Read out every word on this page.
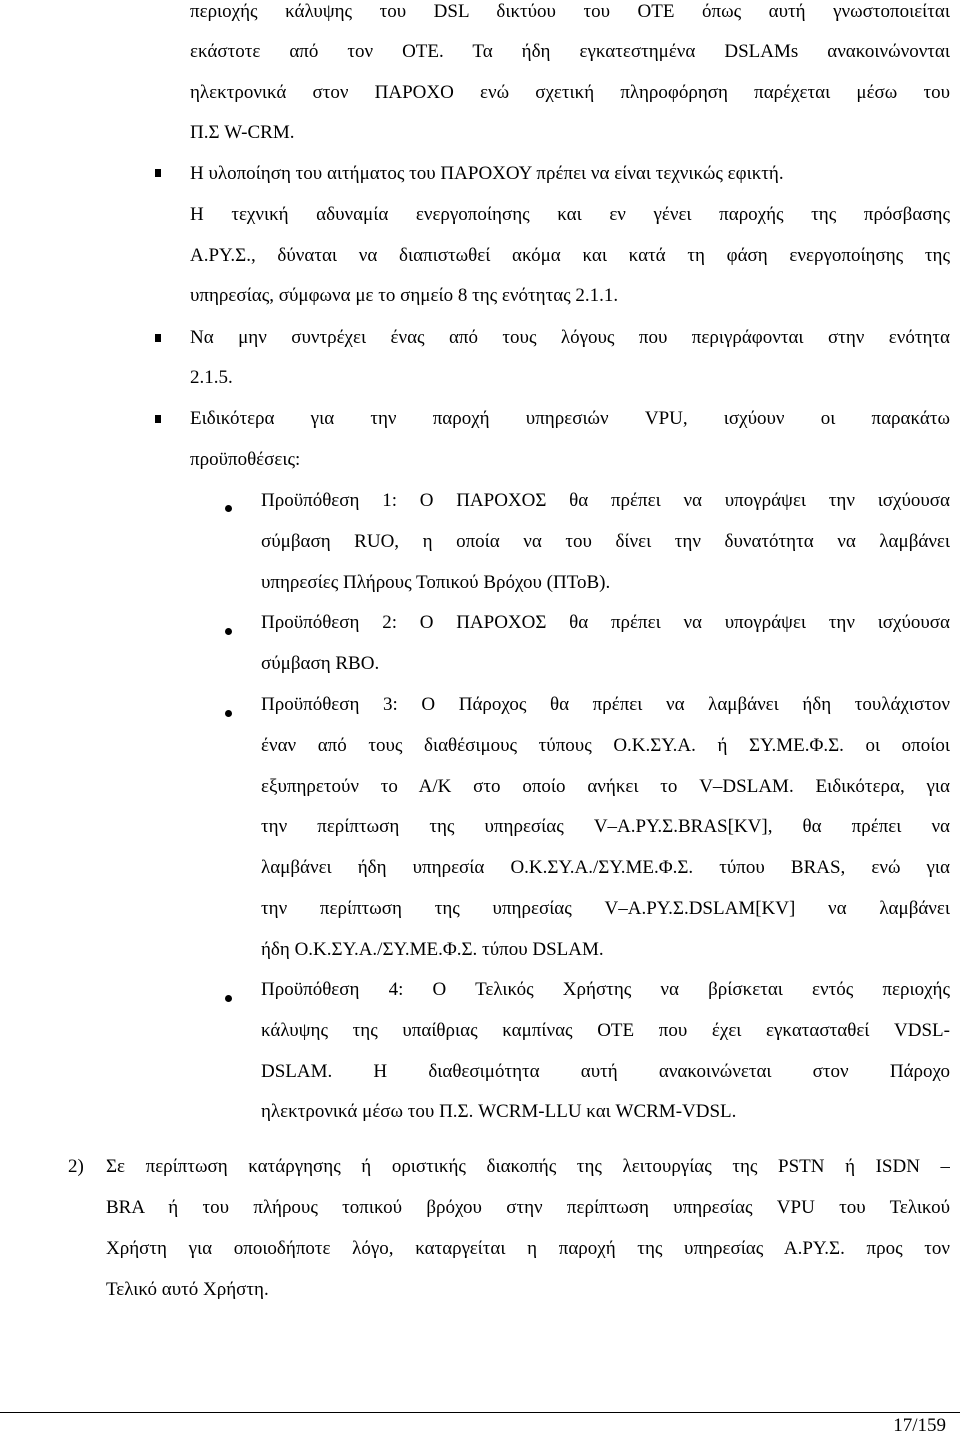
περιοχής κάλυψης του DSL δικτύου του ΟΤΕ όπως αυτή γνωστοποιείται
εκάστοτε από τον ΟΤΕ. Τα ήδη εγκατεστημένα DSLAMs ανακοινώνονται
ηλεκτρονικά στον ΠΑΡΟΧΟ ενώ σχετική πληροφόρηση παρέχεται μέσω του
Π.Σ W-CRM.
Η υλοποίηση του αιτήματος του ΠΑΡΟΧΟΥ πρέπει να είναι τεχνικώς εφικτή.
Η τεχνική αδυναμία ενεργοποίησης και εν γένει παροχής της πρόσβασης
Α.ΡΥ.Σ., δύναται να διαπιστωθεί ακόμα και κατά τη φάση ενεργοποίησης της
υπηρεσίας, σύμφωνα με το σημείο 8 της ενότητας 2.1.1.
Να μην συντρέχει ένας από τους λόγους που περιγράφονται στην ενότητα
2.1.5.
Ειδικότερα για την παροχή υπηρεσιών VPU, ισχύουν οι παρακάτω
προϋποθέσεις:
Προϋπόθεση 1: Ο ΠΑΡΟΧΟΣ θα πρέπει να υπογράψει την ισχύουσα
σύμβαση RUO, η οποία να του δίνει την δυνατότητα να λαμβάνει
υπηρεσίες Πλήρους Τοπικού Βρόχου (ΠΤοΒ).
Προϋπόθεση 2: Ο ΠΑΡΟΧΟΣ θα πρέπει να υπογράψει την ισχύουσα
σύμβαση RBO.
Προϋπόθεση 3: Ο Πάροχος θα πρέπει να λαμβάνει ήδη τουλάχιστον
έναν από τους διαθέσιμους τύπους Ο.Κ.ΣΥ.Α. ή ΣΥ.ΜΕ.Φ.Σ. οι οποίοι
εξυπηρετούν το Α/Κ στο οποίο ανήκει το V–DSLAM. Ειδικότερα, για
την περίπτωση της υπηρεσίας V–Α.ΡΥ.Σ.BRAS[KV], θα πρέπει να
λαμβάνει ήδη υπηρεσία Ο.Κ.ΣΥ.Α./ΣΥ.ΜΕ.Φ.Σ. τύπου BRAS, ενώ για
την περίπτωση της υπηρεσίας V–Α.ΡΥ.Σ.DSLAM[KV] να λαμβάνει
ήδη Ο.Κ.ΣΥ.Α./ΣΥ.ΜΕ.Φ.Σ. τύπου DSLAM.
Προϋπόθεση 4: Ο Τελικός Χρήστης να βρίσκεται εντός περιοχής
κάλυψης της υπαίθριας καμπίνας ΟΤΕ που έχει εγκατασταθεί VDSL-
DSLAM. Η διαθεσιμότητα αυτή ανακοινώνεται στον Πάροχο
ηλεκτρονικά μέσω του Π.Σ. WCRM-LLU και WCRM-VDSL.
2) Σε περίπτωση κατάργησης ή οριστικής διακοπής της λειτουργίας της PSTN ή ISDN –
BRA ή του πλήρους τοπικού βρόχου στην περίπτωση υπηρεσίας VPU του Τελικού
Χρήστη για οποιοδήποτε λόγο, καταργείται η παροχή της υπηρεσίας Α.ΡΥ.Σ. προς τον
Τελικό αυτό Χρήστη.
17/159
